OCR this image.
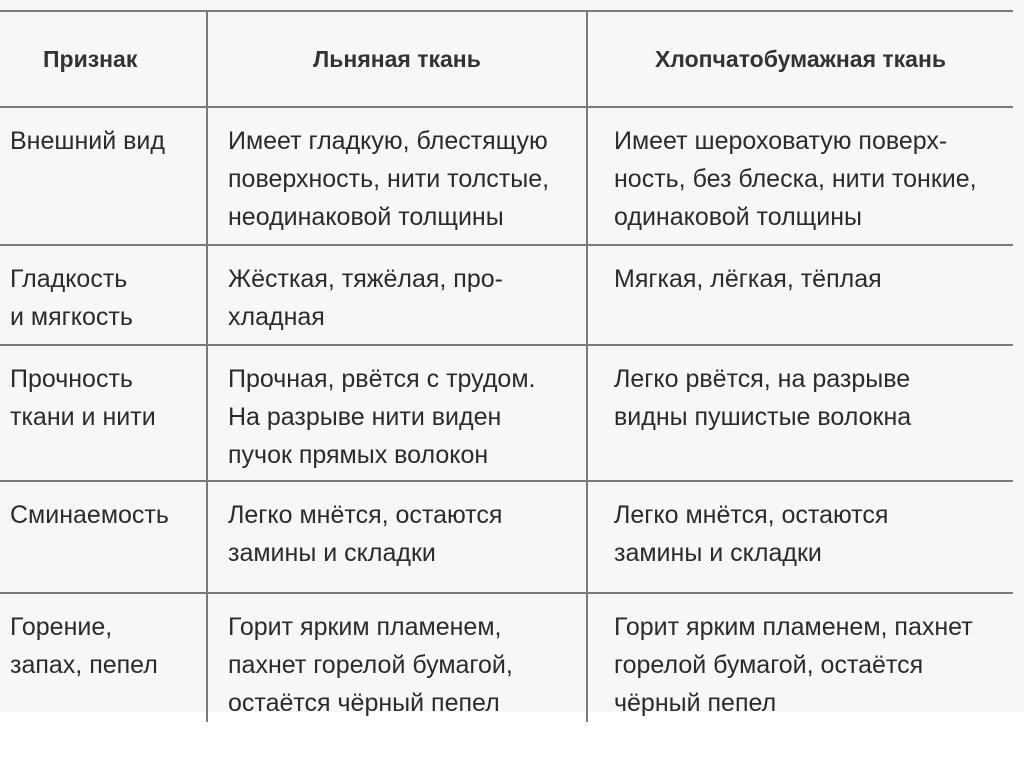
Признак	Льняная ткань	Хлопчатобумажная ткань

Внешний вид	Имеет гладкую, блестящую
поверхность, нити толстые,
неодинаковой толщины	Имеет шероховатую поверх-
ность, без блеска, нити тонкие,
одинаковой толщины

Гладкость
и мягкость	Жёсткая, тяжёлая, про-
хладная	Мягкая, лёгкая, тёплая

Прочность
ткани и нити	Прочная, рвётся с трудом.
На разрыве нити виден
пучок прямых волокон	Легко рвётся, на разрыве
видны пушистые волокна

Сминаемость	Легко мнётся, остаются
замины и складки	Легко мнётся, остаются
замины и складки

Горение,
запах, пепел	Горит ярким пламенем,
пахнет горелой бумагой,
остаётся чёрный пепел	Горит ярким пламенем, пахнет
горелой бумагой, остаётся
чёрный пепел
